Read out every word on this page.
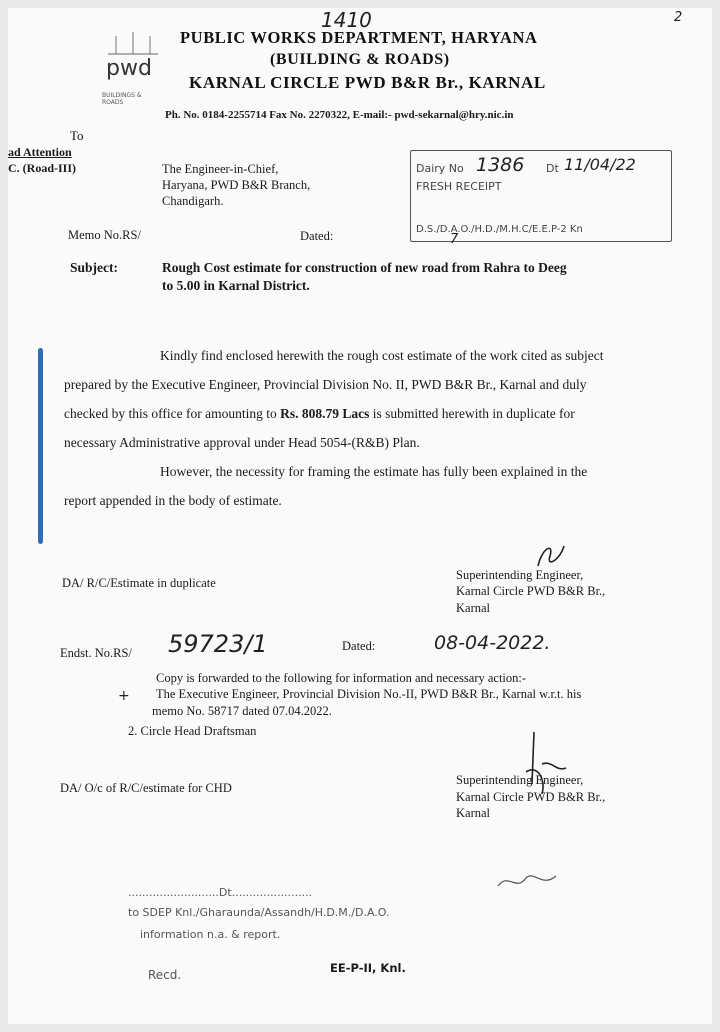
2
1410
pwd
BUILDINGS & ROADS
PUBLIC WORKS DEPARTMENT, HARYANA
(BUILDING & ROADS)
KARNAL CIRCLE PWD B&R Br., KARNAL
Ph. No. 0184-2255714 Fax No. 2270322, E-mail:- pwd-sekarnal@hry.nic.in
To
ad Attention
C. (Road-III)	The Engineer-in-Chief,
Haryana, PWD B&R Branch,
Chandigarh.
Dairy No 1386 Dt 11/04/22
FRESH RECEIPT
D.S./D.A.O./H.D./M.H.C/E.E.P-2 Kn
7
Memo No.RS/	Dated:
Subject:	Rough Cost estimate for construction of new road from Rahra to Deeg
to 5.00 in Karnal District.
Kindly find enclosed herewith the rough cost estimate of the work cited as subject
prepared by the Executive Engineer, Provincial Division No. II, PWD B&R Br., Karnal and duly
checked by this office for amounting to Rs. 808.79 Lacs is submitted herewith in duplicate for
necessary Administrative approval under Head 5054-(R&B) Plan.
However, the necessity for framing the estimate has fully been explained in the
report appended in the body of estimate.
DA/ R/C/Estimate in duplicate
Superintending Engineer,
Karnal Circle PWD B&R Br.,
Karnal
Endst. No.RS/ 59723/1	Dated:	08-04-2022.
Copy is forwarded to the following for information and necessary action:-
+ The Executive Engineer, Provincial Division No.-II, PWD B&R Br., Karnal w.r.t. his
memo No. 58717 dated 07.04.2022.
2. Circle Head Draftsman
DA/ O/c of R/C/estimate for CHD
Superintending Engineer,
Karnal Circle PWD B&R Br.,
Karnal
..........................Dt.......................
to SDEP Knl./Gharaunda/Assandh/H.D.M./D.A.O.
information n.a. & report.
Recd.	EE-P-II, Knl.
